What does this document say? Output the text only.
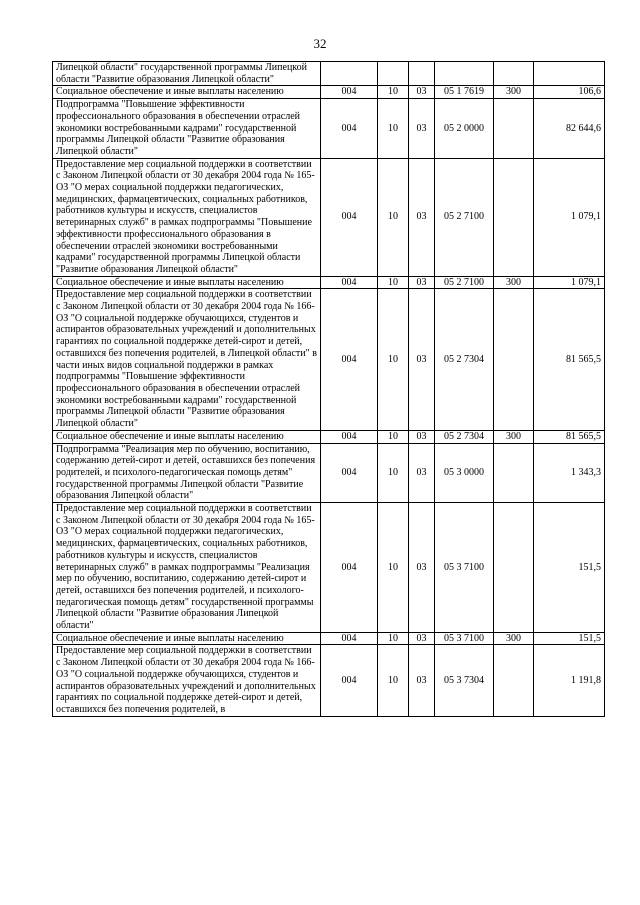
32
Липецкой области" государственной программы Липецкой области "Развитие образования Липецкой области"						
Социальное обеспечение и иные выплаты населению	004	10	03	05 1 7619	300	106,6
Подпрограмма "Повышение эффективности профессионального образования в обеспечении отраслей экономики востребованными кадрами" государственной программы Липецкой области "Развитие образования Липецкой области"	004	10	03	05 2 0000		82 644,6
Предоставление мер социальной поддержки в соответствии с Законом Липецкой области от 30 декабря 2004 года № 165-ОЗ "О мерах социальной поддержки педагогических, медицинских, фармацевтических, социальных работников, работников культуры и искусств, специалистов ветеринарных служб" в рамках подпрограммы "Повышение эффективности профессионального образования в обеспечении отраслей экономики востребованными кадрами" государственной программы Липецкой области "Развитие образования Липецкой области"	004	10	03	05 2 7100		1 079,1
Социальное обеспечение и иные выплаты населению	004	10	03	05 2 7100	300	1 079,1
Предоставление мер социальной поддержки в соответствии с Законом Липецкой области от 30 декабря 2004 года № 166-ОЗ "О социальной поддержке обучающихся, студентов и аспирантов образовательных учреждений и дополнительных гарантиях по социальной поддержке детей-сирот и детей, оставшихся без попечения родителей, в Липецкой области" в части иных видов социальной поддержки в рамках подпрограммы "Повышение эффективности профессионального образования в обеспечении отраслей экономики востребованными кадрами" государственной программы Липецкой области "Развитие образования Липецкой области"	004	10	03	05 2 7304		81 565,5
Социальное обеспечение и иные выплаты населению	004	10	03	05 2 7304	300	81 565,5
Подпрограмма "Реализация мер по обучению, воспитанию, содержанию детей-сирот и детей, оставшихся без попечения родителей, и психолого-педагогическая помощь детям" государственной программы Липецкой области "Развитие образования Липецкой области"	004	10	03	05 3 0000		1 343,3
Предоставление мер социальной поддержки в соответствии с Законом Липецкой области от 30 декабря 2004 года № 165-ОЗ "О мерах социальной поддержки педагогических, медицинских, фармацевтических, социальных работников, работников культуры и искусств, специалистов ветеринарных служб" в рамках подпрограммы "Реализация мер по обучению, воспитанию, содержанию детей-сирот и детей, оставшихся без попечения родителей, и психолого-педагогическая помощь детям" государственной программы Липецкой области "Развитие образования Липецкой области"	004	10	03	05 3 7100		151,5
Социальное обеспечение и иные выплаты населению	004	10	03	05 3 7100	300	151,5
Предоставление мер социальной поддержки в соответствии с Законом Липецкой области от 30 декабря 2004 года № 166-ОЗ "О социальной поддержке обучающихся, студентов и аспирантов образовательных учреждений и дополнительных гарантиях по социальной поддержке детей-сирот и детей, оставшихся без попечения родителей, в	004	10	03	05 3 7304		1 191,8
